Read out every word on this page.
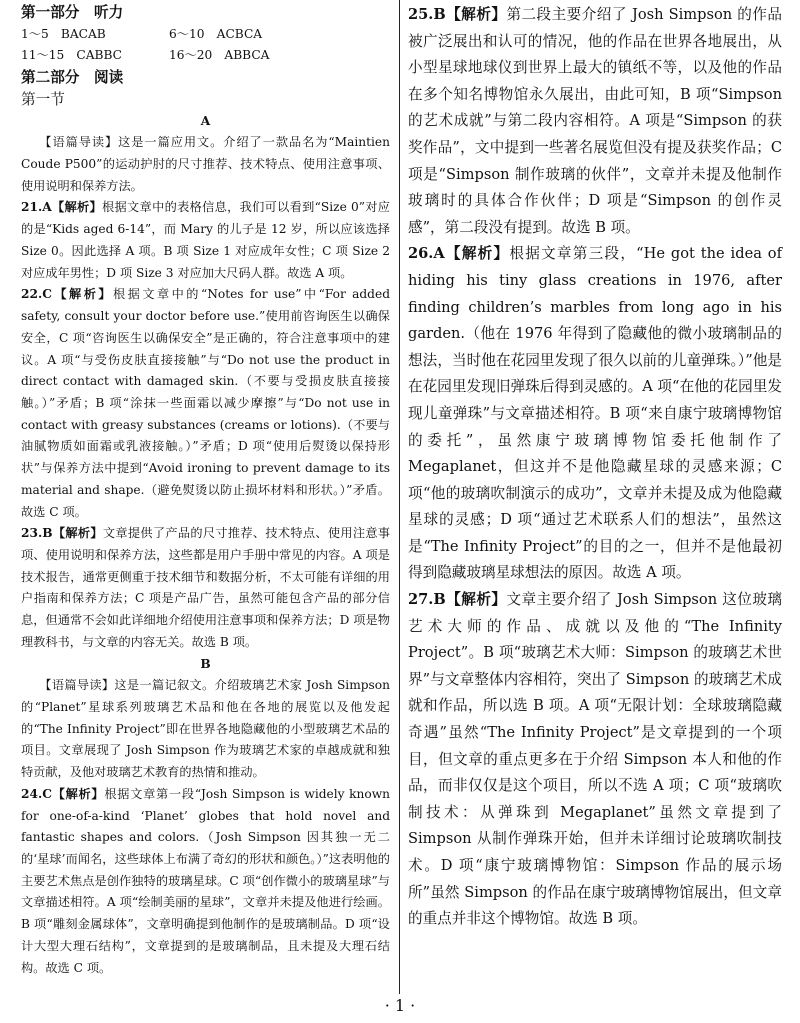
第一部分　听力
1～5　 BACAB	6～10　 ACBCA
11～15　 CABBC	16～20　 ABBCA
第二部分　阅读
第一节
A

【语篇导读】这是一篇应用文。介绍了一款品名为“Maintien Coude P500”的运动护肘的尺寸推荐、技术特点、使用注意事项、使用说明和保养方法。

21.A【解析】根据文章中的表格信息，我们可以看到“Size 0”对应的是“Kids aged 6-14”，而 Mary 的儿子是 12 岁，所以应该选择 Size 0。因此选择 A 项。B 项 Size 1 对应成年女性；C 项 Size 2 对应成年男性；D 项 Size 3 对应加大尺码人群。故选 A 项。

22.C【解析】根据文章中的“Notes for use”中“For added safety, consult your doctor before use.”使用前咨询医生以确保安全，C 项“咨询医生以确保安全”是正确的，符合注意事项中的建议。A 项“与受伤皮肤直接接触”与“Do not use the product in direct contact with damaged skin.（不要与受损皮肤直接接触。）”矛盾；B 项“涂抹一些面霜以减少摩擦”与“Do not use in contact with greasy substances (creams or lotions).（不要与油腻物质如面霜或乳液接触。）”矛盾；D 项“使用后熨烫以保持形状”与保养方法中提到“Avoid ironing to prevent damage to its material and shape.（避免熨烫以防止损坏材料和形状。）”矛盾。故选 C 项。

23.B【解析】文章提供了产品的尺寸推荐、技术特点、使用注意事项、使用说明和保养方法，这些都是用户手册中常见的内容。A 项是技术报告，通常更侧重于技术细节和数据分析，不太可能有详细的用户指南和保养方法；C 项是产品广告，虽然可能包含产品的部分信息，但通常不会如此详细地介绍使用注意事项和保养方法；D 项是物理教科书，与文章的内容无关。故选 B 项。

B

【语篇导读】这是一篇记叙文。介绍玻璃艺术家 Josh Simpson 的“Planet”星球系列玻璃艺术品和他在各地的展览以及他发起的“The Infinity Project”即在世界各地隐藏他的小型玻璃艺术品的项目。文章展现了 Josh Simpson 作为玻璃艺术家的卓越成就和独特贡献，及他对玻璃艺术教育的热情和推动。

24.C【解析】根据文章第一段“Josh Simpson is widely known for one-of-a-kind ‘Planet’ globes that hold novel and fantastic shapes and colors.（Josh Simpson 因其独一无二的‘星球’而闻名，这些球体上布满了奇幻的形状和颜色。）”这表明他的主要艺术焦点是创作独特的玻璃星球。C 项“创作微小的玻璃星球”与文章描述相符。A 项“绘制美丽的星球”，文章并未提及他进行绘画。B 项“雕刻金属球体”，文章明确提到他制作的是玻璃制品。D 项“设计大型大理石结构”，文章提到的是玻璃制品，且未提及大理石结构。故选 C 项。

25.B【解析】第二段主要介绍了 Josh Simpson 的作品被广泛展出和认可的情况，他的作品在世界各地展出，从小型星球地球仪到世界上最大的镇纸不等，以及他的作品在多个知名博物馆永久展出，由此可知，B 项“Simpson 的艺术成就”与第二段内容相符。A 项是“Simpson 的获奖作品”，文中提到一些著名展览但没有提及获奖作品；C 项是“Simpson 制作玻璃的伙伴”，文章并未提及他制作玻璃时的具体合作伙伴；D 项是“Simpson 的创作灵感”，第二段没有提到。故选 B 项。

26.A【解析】根据文章第三段，“He got the idea of hiding his tiny glass creations in 1976, after finding children’s marbles from long ago in his garden.（他在 1976 年得到了隐藏他的微小玻璃制品的想法，当时他在花园里发现了很久以前的儿童弹珠。）”他是在花园里发现旧弹珠后得到灵感的。A 项“在他的花园里发现儿童弹珠”与文章描述相符。B 项“来自康宁玻璃博物馆的委托”，虽然康宁玻璃博物馆委托他制作了 Megaplanet，但这并不是他隐藏星球的灵感来源；C 项“他的玻璃吹制演示的成功”，文章并未提及成为他隐藏星球的灵感；D 项“通过艺术联系人们的想法”，虽然这是“The Infinity Project”的目的之一，但并不是他最初得到隐藏玻璃星球想法的原因。故选 A 项。

27.B【解析】文章主要介绍了 Josh Simpson 这位玻璃艺术大师的作品、成就以及他的“The Infinity Project”。B 项“玻璃艺术大师：Simpson 的玻璃艺术世界”与文章整体内容相符，突出了 Simpson 的玻璃艺术成就和作品，所以选 B 项。A 项“无限计划：全球玻璃隐藏奇遇”虽然“The Infinity Project”是文章提到的一个项目，但文章的重点更多在于介绍 Simpson 本人和他的作品，而非仅仅是这个项目，所以不选 A 项；C 项“玻璃吹制技术：从弹珠到 Megaplanet”虽然文章提到了 Simpson 从制作弹珠开始，但并未详细讨论玻璃吹制技术。D 项“康宁玻璃博物馆：Simpson 作品的展示场所”虽然 Simpson 的作品在康宁玻璃博物馆展出，但文章的重点并非这个博物馆。故选 B 项。

· 1 ·
